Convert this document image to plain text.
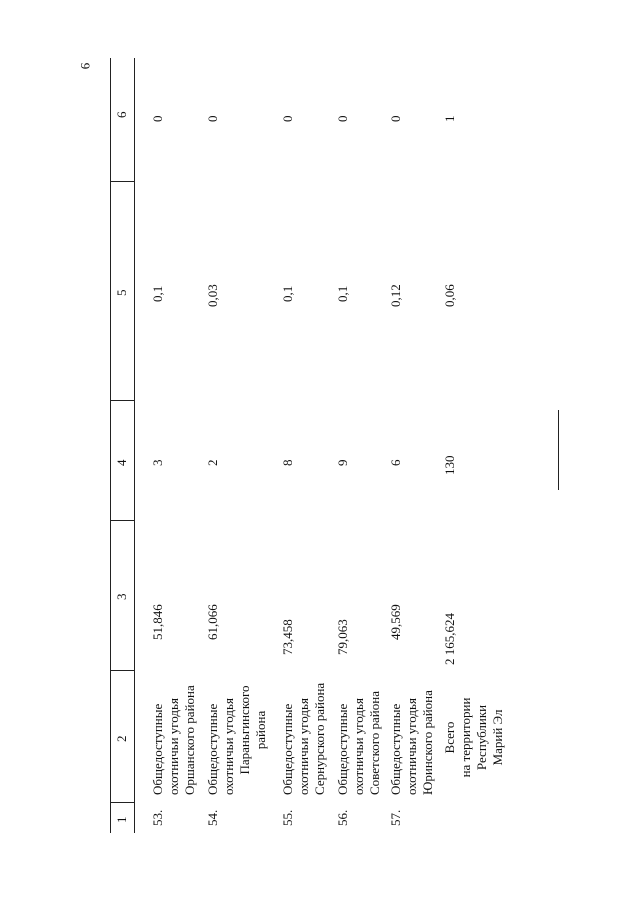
9
1
2
3
4
5
6
53.
Общедоступные охотничьи угодья Оршанского района
51,846
3
0,1
0
54.
Общедоступные охотничьи угодья Параньгинского района
61,066
2
0,03
0
55.
Общедоступные охотничьи угодья Сернурского района
73,458
8
0,1
0
56.
Общедоступные охотничьи угодья Советского района
79,063
9
0,1
0
57.
Общедоступные охотничьи угодья Юринского района
49,569
6
0,12
0
Всего на территории Республики Марий Эл
2 165,624
130
0,06
1
